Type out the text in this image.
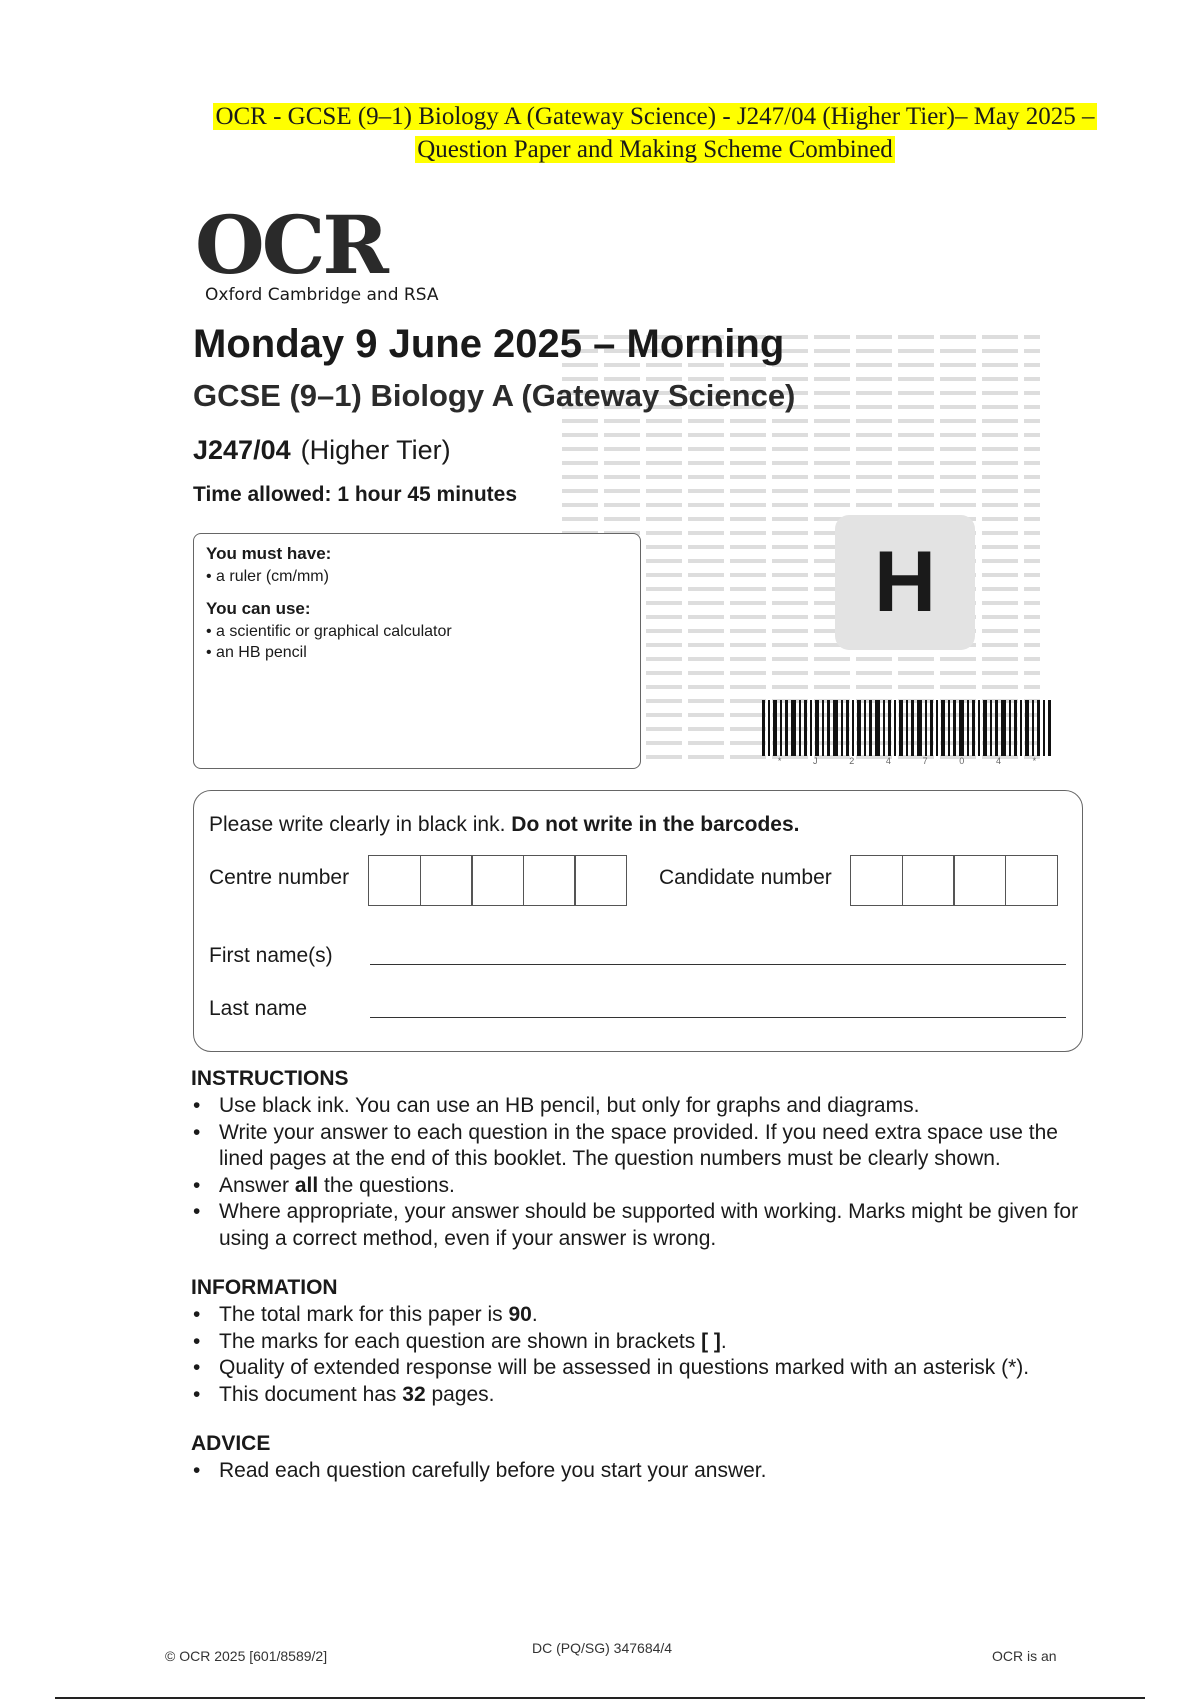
OCR - GCSE (9–1) Biology A (Gateway Science) - J247/04 (Higher Tier)– May 2025 – Question Paper and Making Scheme Combined
OCR
Oxford Cambridge and RSA
Monday 9 June 2025 – Morning
GCSE (9–1) Biology A (Gateway Science)
J247/04 (Higher Tier)
Time allowed: 1 hour 45 minutes
You must have:
• a ruler (cm/mm)
You can use:
• a scientific or graphical calculator
• an HB pencil
H
*	J	2	4	7	0	4	*
Please write clearly in black ink. Do not write in the barcodes.
Centre number	Candidate number
First name(s)
Last name
INSTRUCTIONS
• Use black ink. You can use an HB pencil, but only for graphs and diagrams.
• Write your answer to each question in the space provided. If you need extra space use the lined pages at the end of this booklet. The question numbers must be clearly shown.
• Answer all the questions.
• Where appropriate, your answer should be supported with working. Marks might be given for using a correct method, even if your answer is wrong.
INFORMATION
• The total mark for this paper is 90.
• The marks for each question are shown in brackets [ ].
• Quality of extended response will be assessed in questions marked with an asterisk (*).
• This document has 32 pages.
ADVICE
• Read each question carefully before you start your answer.
© OCR 2025 [601/8589/2]	DC (PQ/SG) 347684/4	OCR is an
